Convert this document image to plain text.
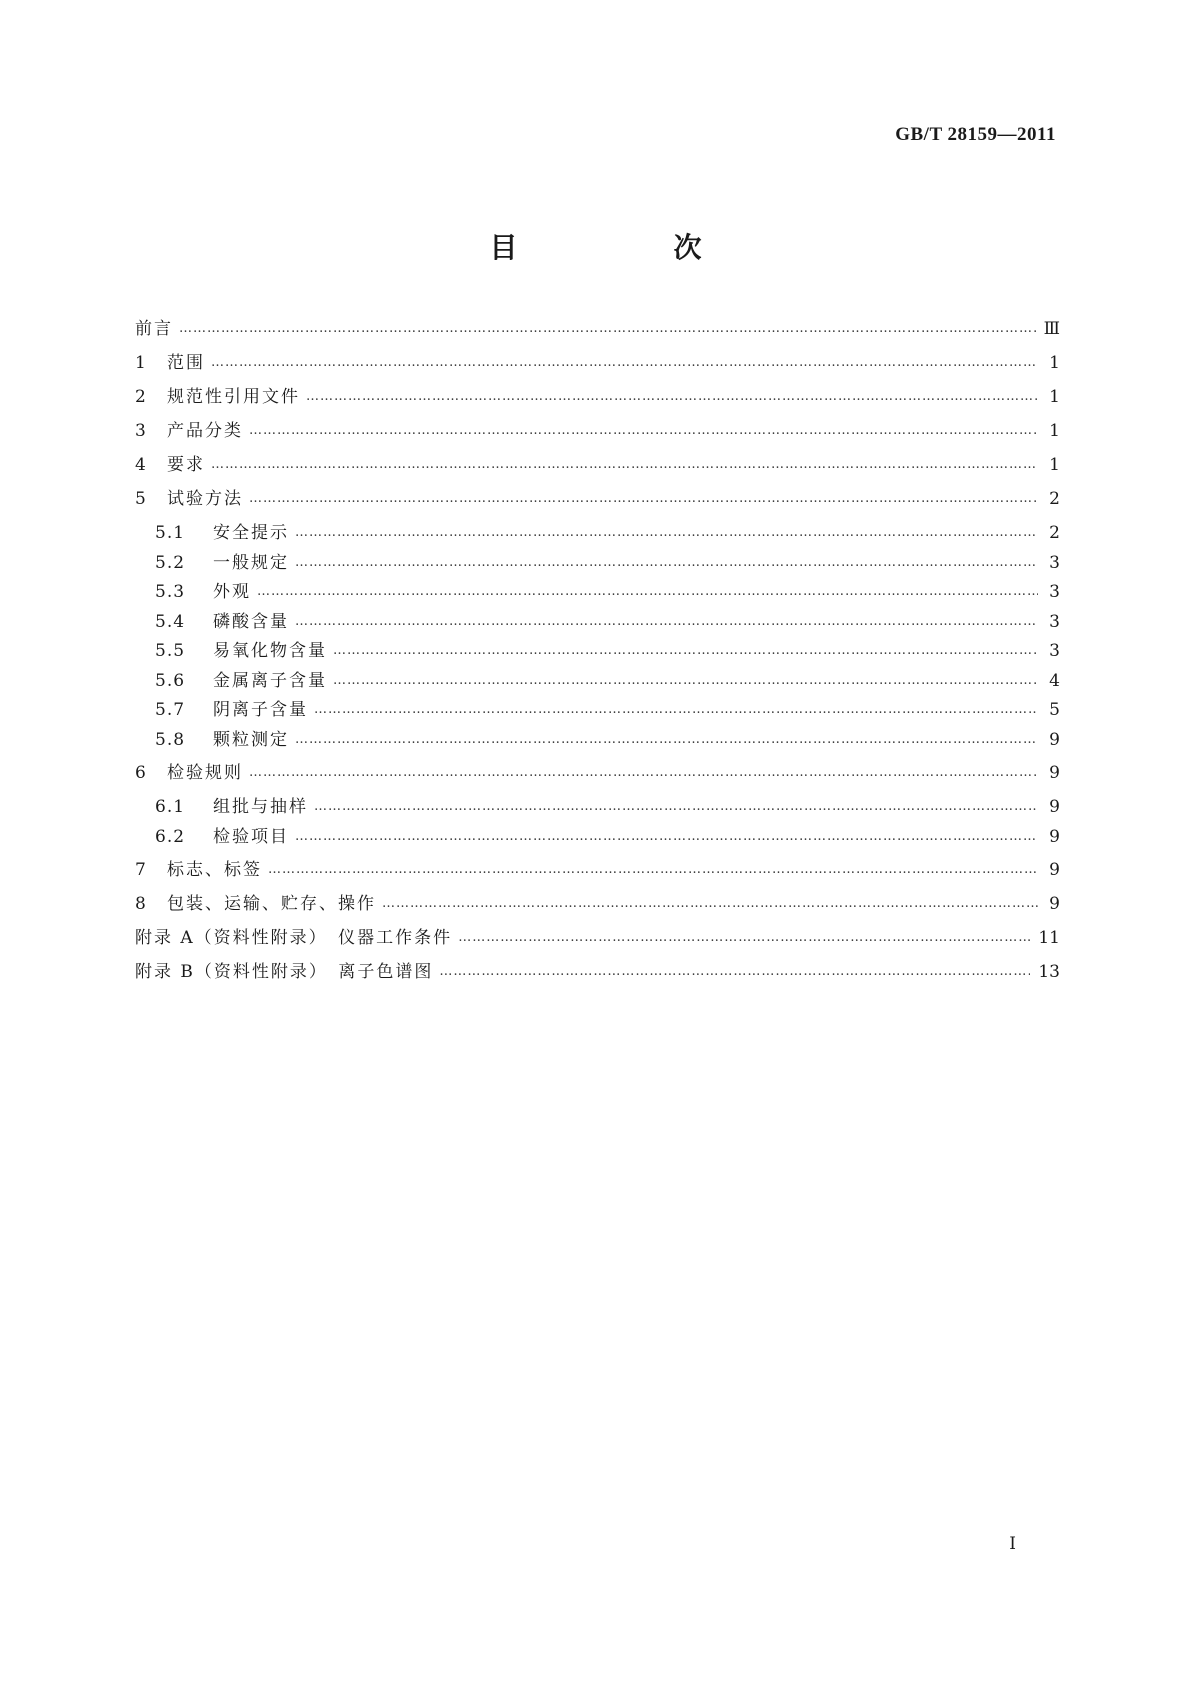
GB/T 28159—2011
目　次
前言 …………………………………………………………………………………………………………………………………………………………………………………………………………………………………………………………………………	Ⅲ
1	范围 …………………………………………………………………………………………………………………………………………………………………………………………………………………………………………………………………………	1
2	规范性引用文件 …………………………………………………………………………………………………………………………………………………………………………………………………………………………………………………………………………	1
3	产品分类 …………………………………………………………………………………………………………………………………………………………………………………………………………………………………………………………………………	1
4	要求 …………………………………………………………………………………………………………………………………………………………………………………………………………………………………………………………………………	1
5	试验方法 …………………………………………………………………………………………………………………………………………………………………………………………………………………………………………………………………………	2
5.1	安全提示 …………………………………………………………………………………………………………………………………………………………………………………………………………………………………………………………………………	2
5.2	一般规定 …………………………………………………………………………………………………………………………………………………………………………………………………………………………………………………………………………	3
5.3	外观 …………………………………………………………………………………………………………………………………………………………………………………………………………………………………………………………………………	3
5.4	磷酸含量 …………………………………………………………………………………………………………………………………………………………………………………………………………………………………………………………………………	3
5.5	易氧化物含量 …………………………………………………………………………………………………………………………………………………………………………………………………………………………………………………………………………	3
5.6	金属离子含量 …………………………………………………………………………………………………………………………………………………………………………………………………………………………………………………………………………	4
5.7	阴离子含量 …………………………………………………………………………………………………………………………………………………………………………………………………………………………………………………………………………	5
5.8	颗粒测定 …………………………………………………………………………………………………………………………………………………………………………………………………………………………………………………………………………	9
6	检验规则 …………………………………………………………………………………………………………………………………………………………………………………………………………………………………………………………………………	9
6.1	组批与抽样 …………………………………………………………………………………………………………………………………………………………………………………………………………………………………………………………………………	9
6.2	检验项目 …………………………………………………………………………………………………………………………………………………………………………………………………………………………………………………………………………	9
7	标志、标签 …………………………………………………………………………………………………………………………………………………………………………………………………………………………………………………………………………	9
8	包装、运输、贮存、操作 …………………………………………………………………………………………………………………………………………………………………………………………………………………………………………………………………………	9
附录 A（资料性附录）　仪器工作条件 …………………………………………………………………………………………………………………………………………………………………………………………………………………………………………………………………………	11
附录 B（资料性附录）　离子色谱图 …………………………………………………………………………………………………………………………………………………………………………………………………………………………………………………………………………	13
I
